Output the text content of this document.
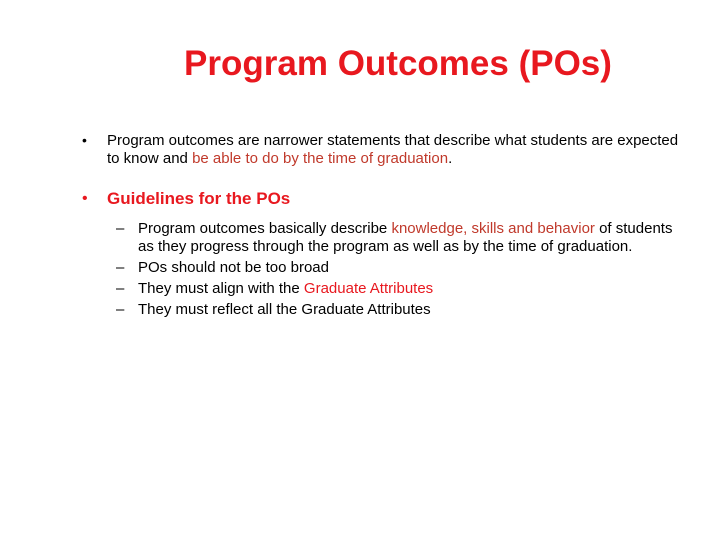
Program Outcomes (POs)
• Program outcomes are narrower statements that describe what students are expected to know and be able to do by the time of graduation.
• Guidelines for the POs
– Program outcomes basically describe knowledge, skills and behavior of students as they progress through the program as well as by the time of graduation.
– POs should not be too broad
– They must align with the Graduate Attributes
– They must reflect all the Graduate Attributes
